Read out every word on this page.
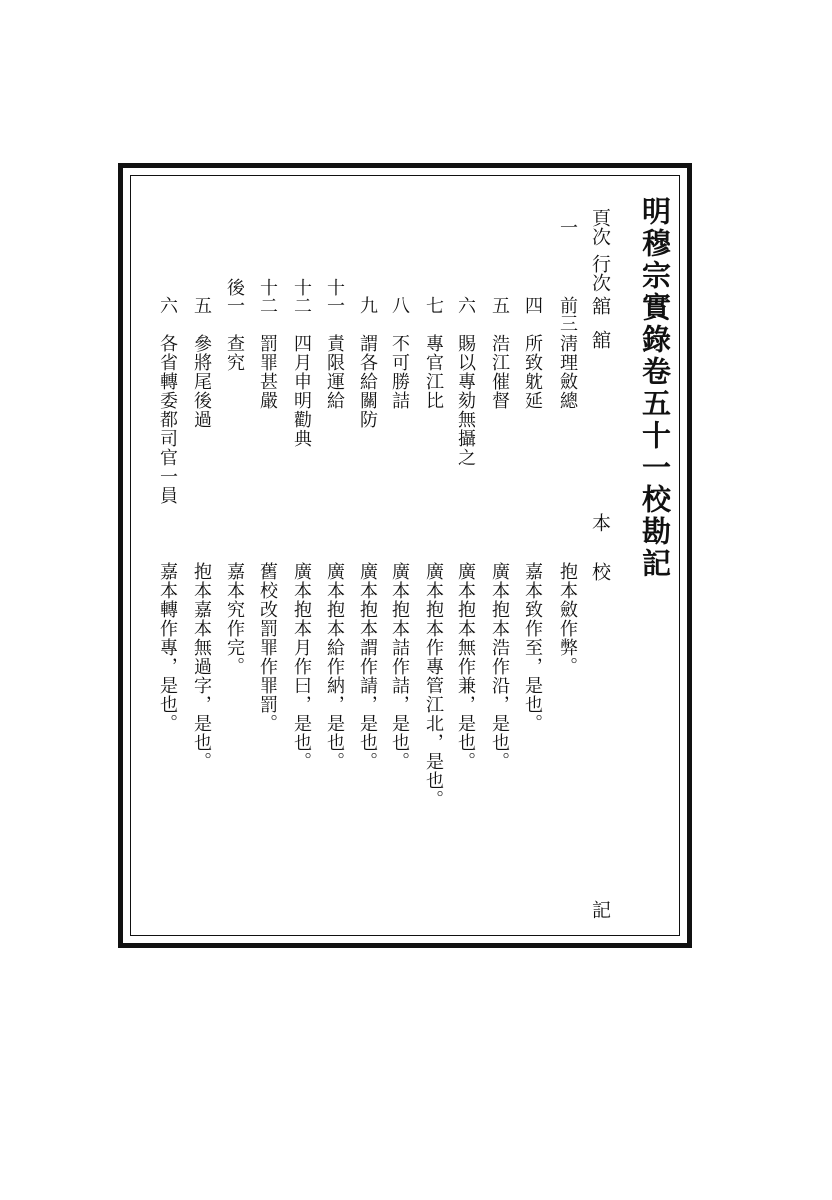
明穆宗實錄卷五十一校勘記
頁次
行次
舘
舘
本
校
記
一
前三
淸理斂總
抱本斂作弊。
四
所致躭延
嘉本致作至，是也。
五
浩江催督
廣本抱本浩作沿，是也。
六
賜以專劾無攝之
廣本抱本無作兼，是也。
七
專官江比
廣本抱本作專管江北，是也。
八
不可勝詰
廣本抱本詰作詰，是也。
九
謂各給關防
廣本抱本謂作請，是也。
十一
責限運給
廣本抱本給作納，是也。
十二
四月申明勸典
廣本抱本月作曰，是也。
十二
罰罪甚嚴
舊校改罰罪作罪罰。
後一
查究
嘉本究作完。
五
參將尾後過
抱本嘉本無過字，是也。
六
各省轉委都司官一員
嘉本轉作專，是也。
